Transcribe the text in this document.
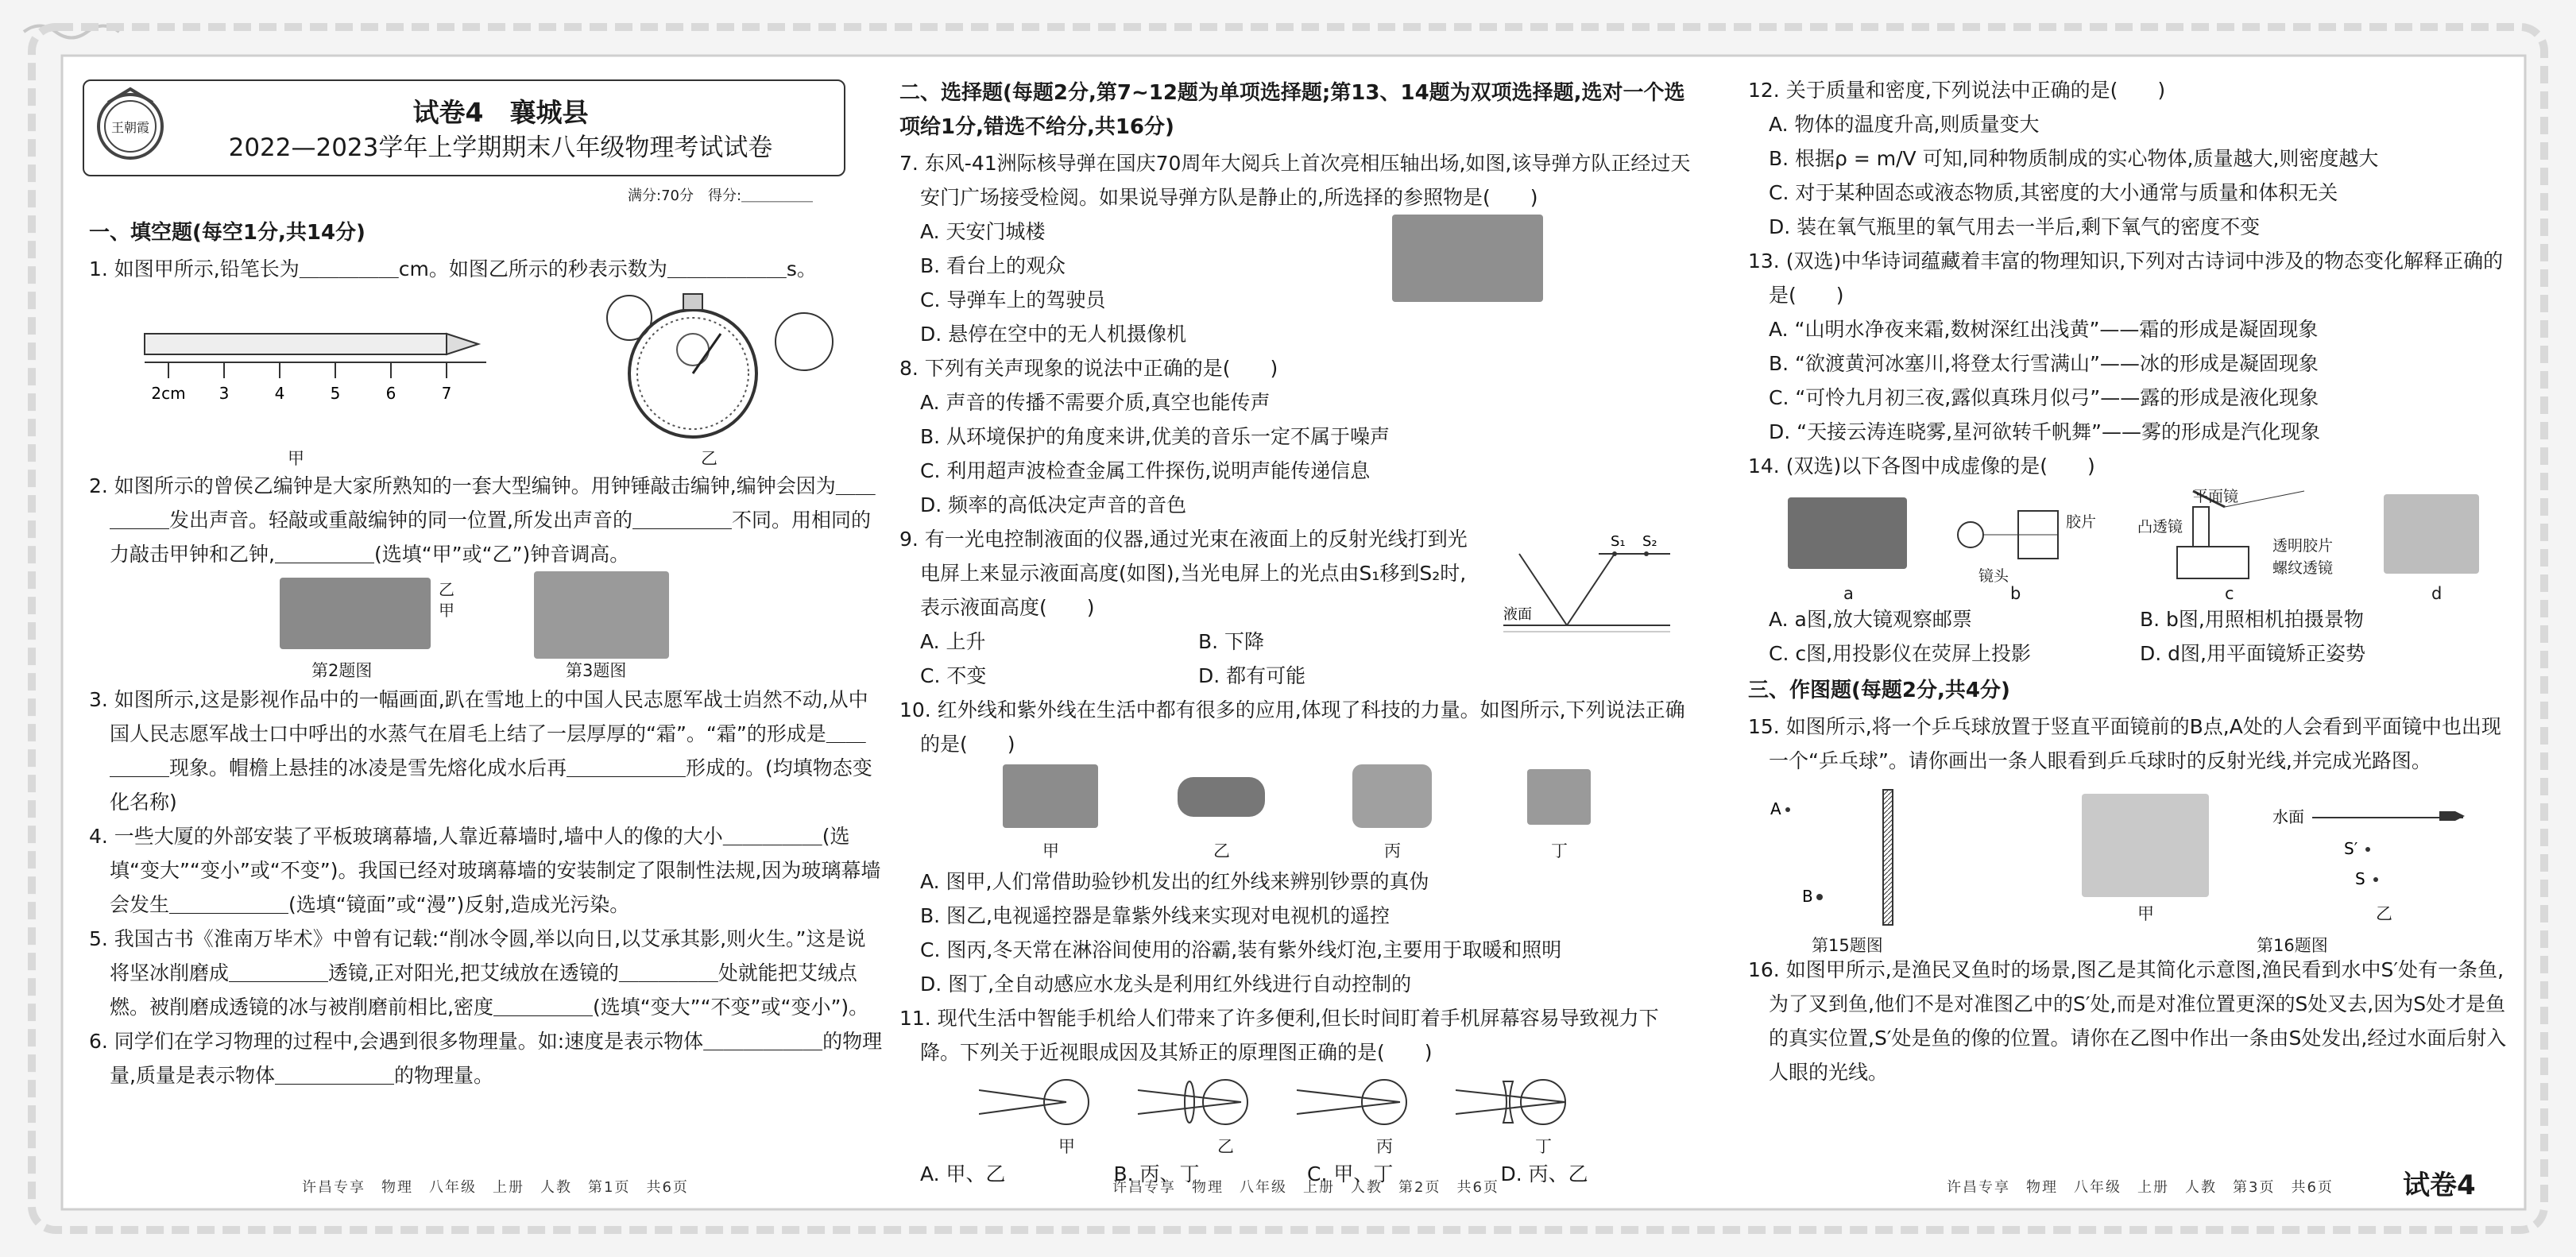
王朝霞	试卷4　襄城县
2022—2023学年上学期期末八年级物理考试试卷
满分:70分　得分:＿＿＿＿＿

一、填空题(每空1分,共14分)

1. 如图甲所示,铅笔长为＿＿＿＿＿cm。如图乙所示的秒表示数为＿＿＿＿＿＿s。

2cm 3	4	5	6	7
甲	乙

2. 如图所示的曾侯乙编钟是大家所熟知的一套大型编钟。用钟锤敲击编钟,编钟会因为＿＿＿＿＿发出声音。轻敲或重敲编钟的同一位置,所发出声音的＿＿＿＿＿不同。用相同的力敲击甲钟和乙钟,＿＿＿＿＿(选填“甲”或“乙”)钟音调高。

乙
甲
第2题图	第3题图

3. 如图所示,这是影视作品中的一幅画面,趴在雪地上的中国人民志愿军战士岿然不动,从中国人民志愿军战士口中呼出的水蒸气在眉毛上结了一层厚厚的“霜”。“霜”的形成是＿＿＿＿＿现象。帽檐上悬挂的冰凌是雪先熔化成水后再＿＿＿＿＿＿形成的。(均填物态变化名称)

4. 一些大厦的外部安装了平板玻璃幕墙,人靠近幕墙时,墙中人的像的大小＿＿＿＿＿(选填“变大”“变小”或“不变”)。我国已经对玻璃幕墙的安装制定了限制性法规,因为玻璃幕墙会发生＿＿＿＿＿＿(选填“镜面”或“漫”)反射,造成光污染。

5. 我国古书《淮南万毕术》中曾有记载:“削冰令圆,举以向日,以艾承其影,则火生。”这是说将坚冰削磨成＿＿＿＿＿透镜,正对阳光,把艾绒放在透镜的＿＿＿＿＿处就能把艾绒点燃。被削磨成透镜的冰与被削磨前相比,密度＿＿＿＿＿(选填“变大”“不变”或“变小”)。

6. 同学们在学习物理的过程中,会遇到很多物理量。如:速度是表示物体＿＿＿＿＿＿的物理量,质量是表示物体＿＿＿＿＿＿的物理量。

二、选择题(每题2分,第7~12题为单项选择题;第13、14题为双项选择题,选对一个选项给1分,错选不给分,共16分)

7. 东风-41洲际核导弹在国庆70周年大阅兵上首次亮相压轴出场,如图,该导弹方队正经过天安门广场接受检阅。如果说导弹方队是静止的,所选择的参照物是(　　)

A. 天安门城楼

B. 看台上的观众

C. 导弹车上的驾驶员

D. 悬停在空中的无人机摄像机

8. 下列有关声现象的说法中正确的是(　　)

A. 声音的传播不需要介质,真空也能传声

B. 从环境保护的角度来讲,优美的音乐一定不属于噪声

C. 利用超声波检查金属工件探伤,说明声能传递信息

D. 频率的高低决定声音的音色

9. 有一光电控制液面的仪器,通过光束在液面上的反射光线打到光电屏上来显示液面高度(如图),当光电屏上的光点由S₁移到S₂时,表示液面高度(　　)

A. 上升	B. 下降
C. 不变	D. 都有可能
S₁ S₂
液面

10. 红外线和紫外线在生活中都有很多的应用,体现了科技的力量。如图所示,下列说法正确的是(　　)

甲	乙	丙	丁

A. 图甲,人们常借助验钞机发出的红外线来辨别钞票的真伪

B. 图乙,电视遥控器是靠紫外线来实现对电视机的遥控

C. 图丙,冬天常在淋浴间使用的浴霸,装有紫外线灯泡,主要用于取暖和照明

D. 图丁,全自动感应水龙头是利用红外线进行自动控制的

11. 现代生活中智能手机给人们带来了许多便利,但长时间盯着手机屏幕容易导致视力下降。下列关于近视眼成因及其矫正的原理图正确的是(　　)

甲	乙	丙	丁
A. 甲、乙	B. 丙、丁	C. 甲、丁	D. 丙、乙

12. 关于质量和密度,下列说法中正确的是(　　)

A. 物体的温度升高,则质量变大

B. 根据ρ = m/V 可知,同种物质制成的实心物体,质量越大,则密度越大

C. 对于某种固态或液态物质,其密度的大小通常与质量和体积无关

D. 装在氧气瓶里的氧气用去一半后,剩下氧气的密度不变

13. (双选)中华诗词蕴藏着丰富的物理知识,下列对古诗词中涉及的物态变化解释正确的是(　　)

A. “山明水净夜来霜,数树深红出浅黄”——霜的形成是凝固现象

B. “欲渡黄河冰塞川,将登太行雪满山”——冰的形成是凝固现象

C. “可怜九月初三夜,露似真珠月似弓”——露的形成是液化现象

D. “天接云涛连晓雾,星河欲转千帆舞”——雾的形成是汽化现象

14. (双选)以下各图中成虚像的是(　　)

胶片
镜头
平面镜
凸透镜
透明胶片
螺纹透镜
a	b	c	d
A. a图,放大镜观察邮票	B. b图,用照相机拍摄景物
C. c图,用投影仪在荧屏上投影	D. d图,用平面镜矫正姿势

三、作图题(每题2分,共4分)

15. 如图所示,将一个乒乓球放置于竖直平面镜前的B点,A处的人会看到平面镜中也出现一个“乒乓球”。请你画出一条人眼看到乒乓球时的反射光线,并完成光路图。

A
B
水面
S′
S
甲	乙
第15题图	第16题图

16. 如图甲所示,是渔民叉鱼时的场景,图乙是其简化示意图,渔民看到水中S′处有一条鱼,为了叉到鱼,他们不是对准图乙中的S′处,而是对准位置更深的S处叉去,因为S处才是鱼的真实位置,S′处是鱼的像的位置。请你在乙图中作出一条由S处发出,经过水面后射入人眼的光线。

许昌专享　物理　八年级　上册　人教　第1页　共6页	许昌专享　物理　八年级　上册　人教　第2页　共6页	许昌专享　物理　八年级　上册　人教　第3页　共6页	试卷4
